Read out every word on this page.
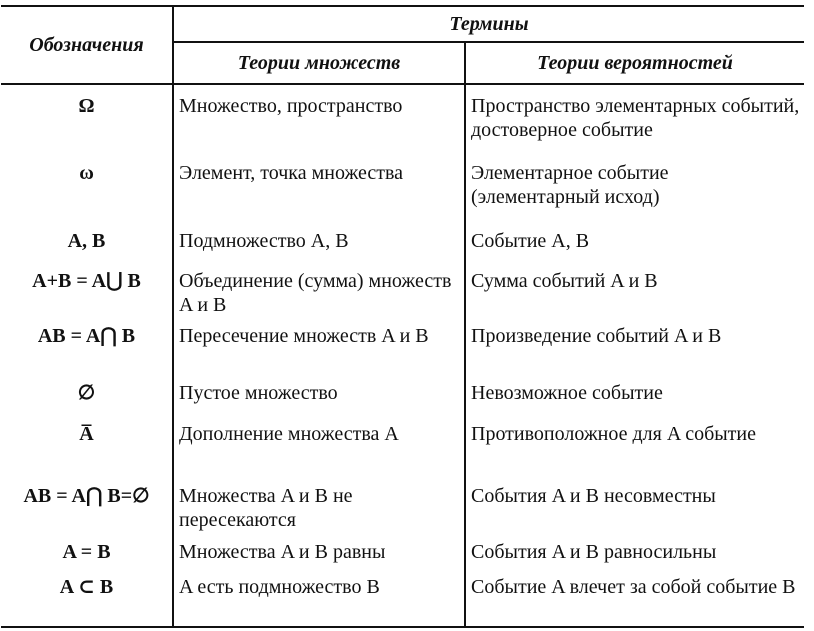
Обозначения	Термины	
	Теории множеств	Теории вероятностей
Ω	Множество, пространство	Пространство элементарных событий, достоверное событие
ω	Элемент, точка множества	Элементарное событие (элементарный исход)
A, B	Подмножество A, B	Событие A, B
A+B = A⋃ B	Объединение (сумма) множеств A и B	Сумма событий A и B
AB = A⋂ B	Пересечение множеств A и B	Произведение событий A и B
∅	Пустое множество	Невозможное событие
A̅	Дополнение множества A	Противоположное для A событие
AB = A⋂ B=∅	Множества A и B не пересекаются	События A и B несовместны
A = B	Множества A и B равны	События A и B равносильны
A ⊂ B	A есть подмножество B	Событие A влечет за собой событие B
